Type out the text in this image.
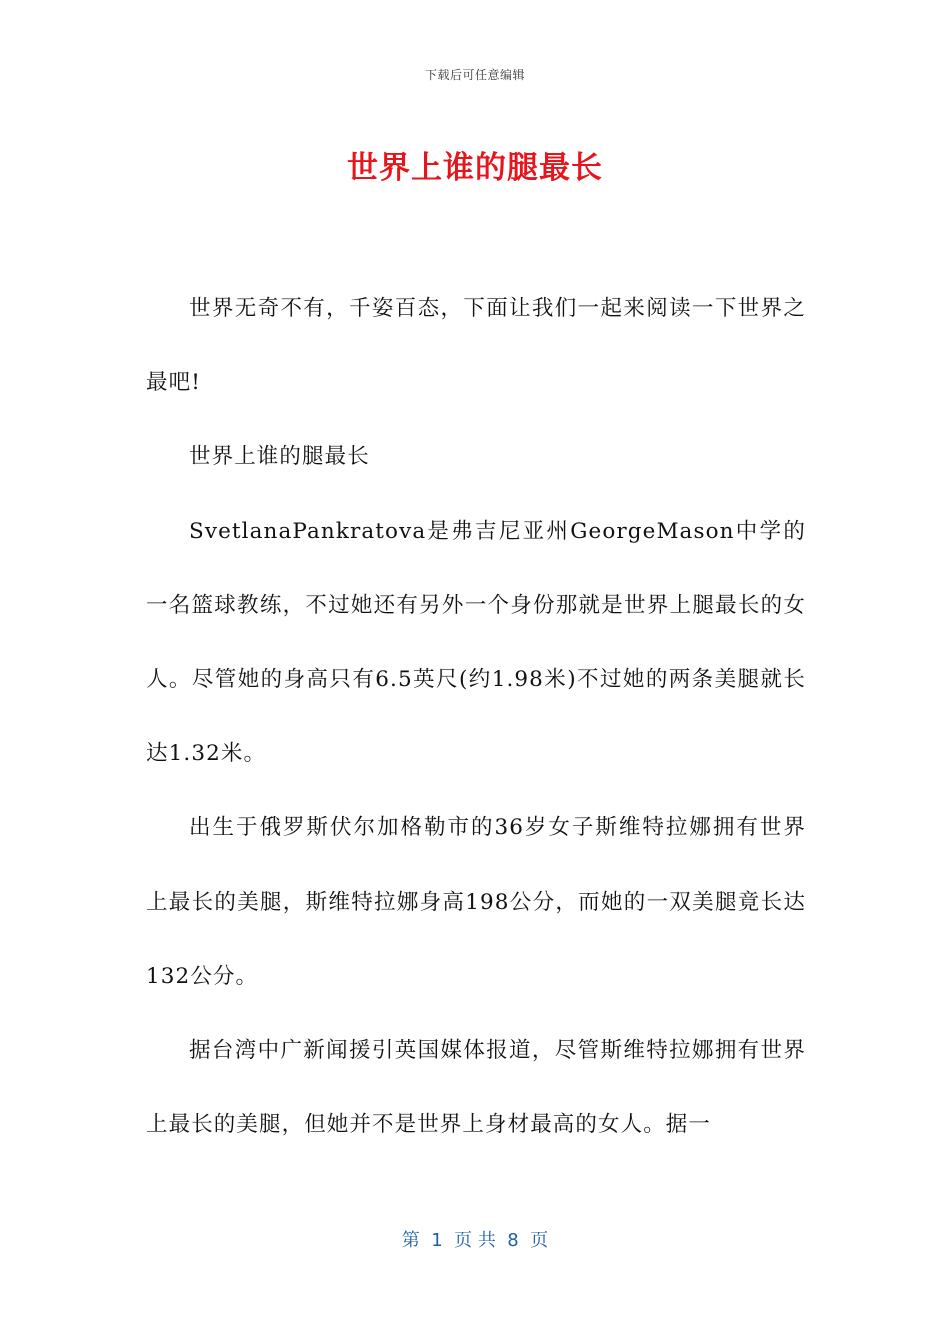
下载后可任意编辑
世界上谁的腿最长

世界无奇不有，千姿百态，下面让我们一起来阅读一下世界之最吧!

世界上谁的腿最长

SvetlanaPankratova是弗吉尼亚州GeorgeMason中学的一名篮球教练，不过她还有另外一个身份那就是世界上腿最长的女人。尽管她的身高只有6.5英尺(约1.98米)不过她的两条美腿就长达1.32米。

出生于俄罗斯伏尔加格勒市的36岁女子斯维特拉娜拥有世界上最长的美腿，斯维特拉娜身高198公分，而她的一双美腿竟长达132公分。

据台湾中广新闻援引英国媒体报道，尽管斯维特拉娜拥有世界上最长的美腿，但她并不是世界上身材最高的女人。据一

第  1  页 共  8  页
